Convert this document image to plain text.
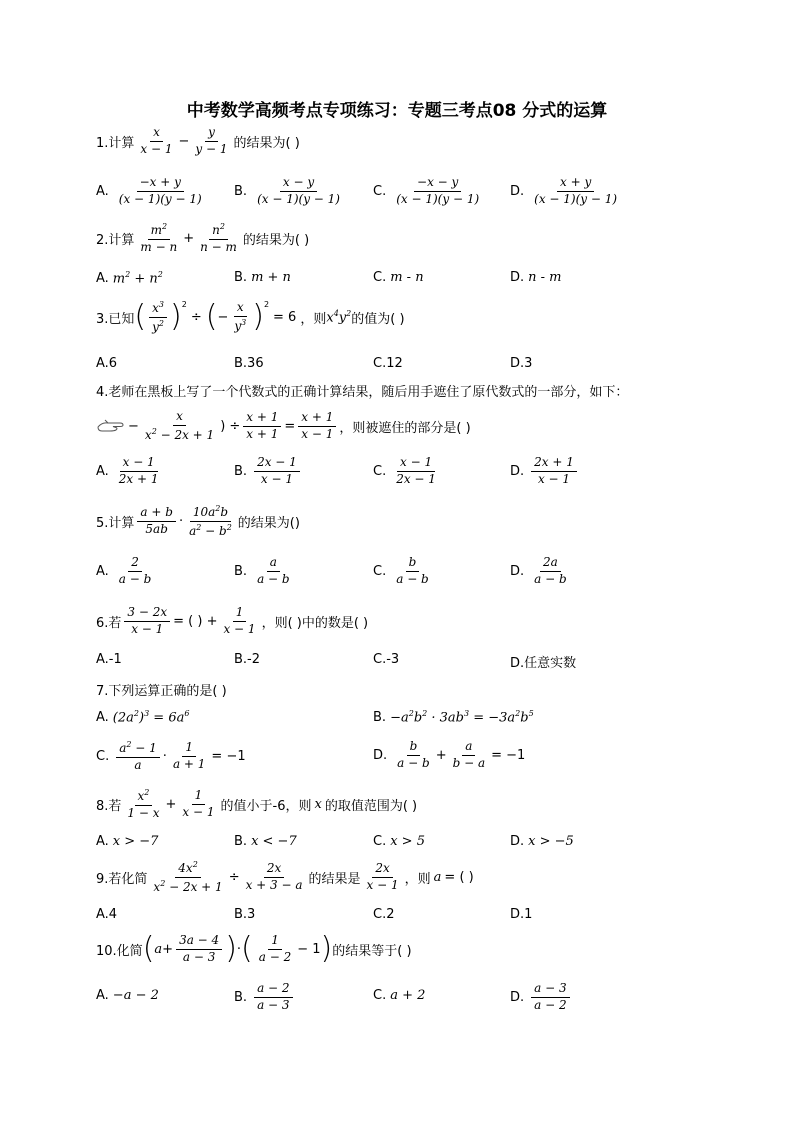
中考数学高频考点专项练习：专题三考点08 分式的运算
1.计算 $\frac{x}{x - 1} - \frac{y}{y - 1}$ 的结果为( )
A. $\frac{-x + y}{(x - 1)(y - 1)} B$. $\frac{x - y}{(x - 1)(y - 1)} C$. $\frac{-x - y}{(x - 1)(y - 1)} D$. $\frac{x + y}{(x - 1)(y - 1)}$
2.计算 $\frac{m^2}{m - n} + \frac{n^2}{n - m}$ 的结果为( )
A. $m^2 + n^2$	B. m + n	C. m - n	D. n - m
3.已知 ( $\frac{x^3}{y^2} )^2$
÷ ( − $\frac{x}{y^3} )^2$
= 6 ，则 $x^4y^2$ 的值为( )
A.6	B.36	C.12	D.3
4.老师在黑板上写了一个代数式的正确计算结果，随后用手遮住了原代数式的一部分，如下：
− $\frac{x}{x^2 - 2x + 1}$ ) ÷ $\frac{x + 1}{x + 1} = \frac{x + 1}{x - 1}$ ，则被遮住的部分是( )
A. $\frac{x - 1}{2x + 1}$	B. $\frac{2x - 1}{x - 1}$	C. $\frac{x - 1}{2x - 1}$	D. $\frac{2x + 1}{x - 1}$
5.计算 $\frac{a + b}{5ab} \cdot \frac{10a^2b}{a^2 - b^2}$ 的结果为()
A. $\frac{2}{a - b}$	B. $\frac{a}{a - b}$	C. $\frac{b}{a - b}$	D. $\frac{2a}{a - b}$
6.若 $\frac{3 - 2x}{x - 1}$ = ( ) + $\frac{1}{x - 1}$ ，则( )中的数是( )
A.-1	B.-2	C.-3	D.任意实数
7.下列运算正确的是( )
A. $(2a^2)^3 = 6a^6$	B. $-a^2b^2 \cdot 3ab^3 = -3a^2b^5$
C. $\frac{a^2 - 1}{a} \cdot \frac{1}{a + 1} = -1$	D. $\frac{b}{a - b} + \frac{a}{b - a} = -1$
8.若 $\frac{x^2}{1 - x} + \frac{1}{x - 1}$ 的值小于-6，则 x 的取值范围为( )
A. x > −7	B. x < −7	C. x > 5	D. x > −5
9.若化简 $\frac{4x^2}{x^2 - 2x + 1} \div \frac{2x}{x + 3 - a}$ 的结果是 $\frac{2x}{x - 1}$ ，则 a = ( )
A.4	B.3	C.2	D.1
10.化简 ( $a + \frac{3a - 4}{a - 3}$ ) · ( $\frac{1}{a - 2} - 1$ ) 的结果等于( )
A. −a − 2	B. $\frac{a - 2}{a - 3}$	C. a + 2	D. $\frac{a - 3}{a - 2}$
